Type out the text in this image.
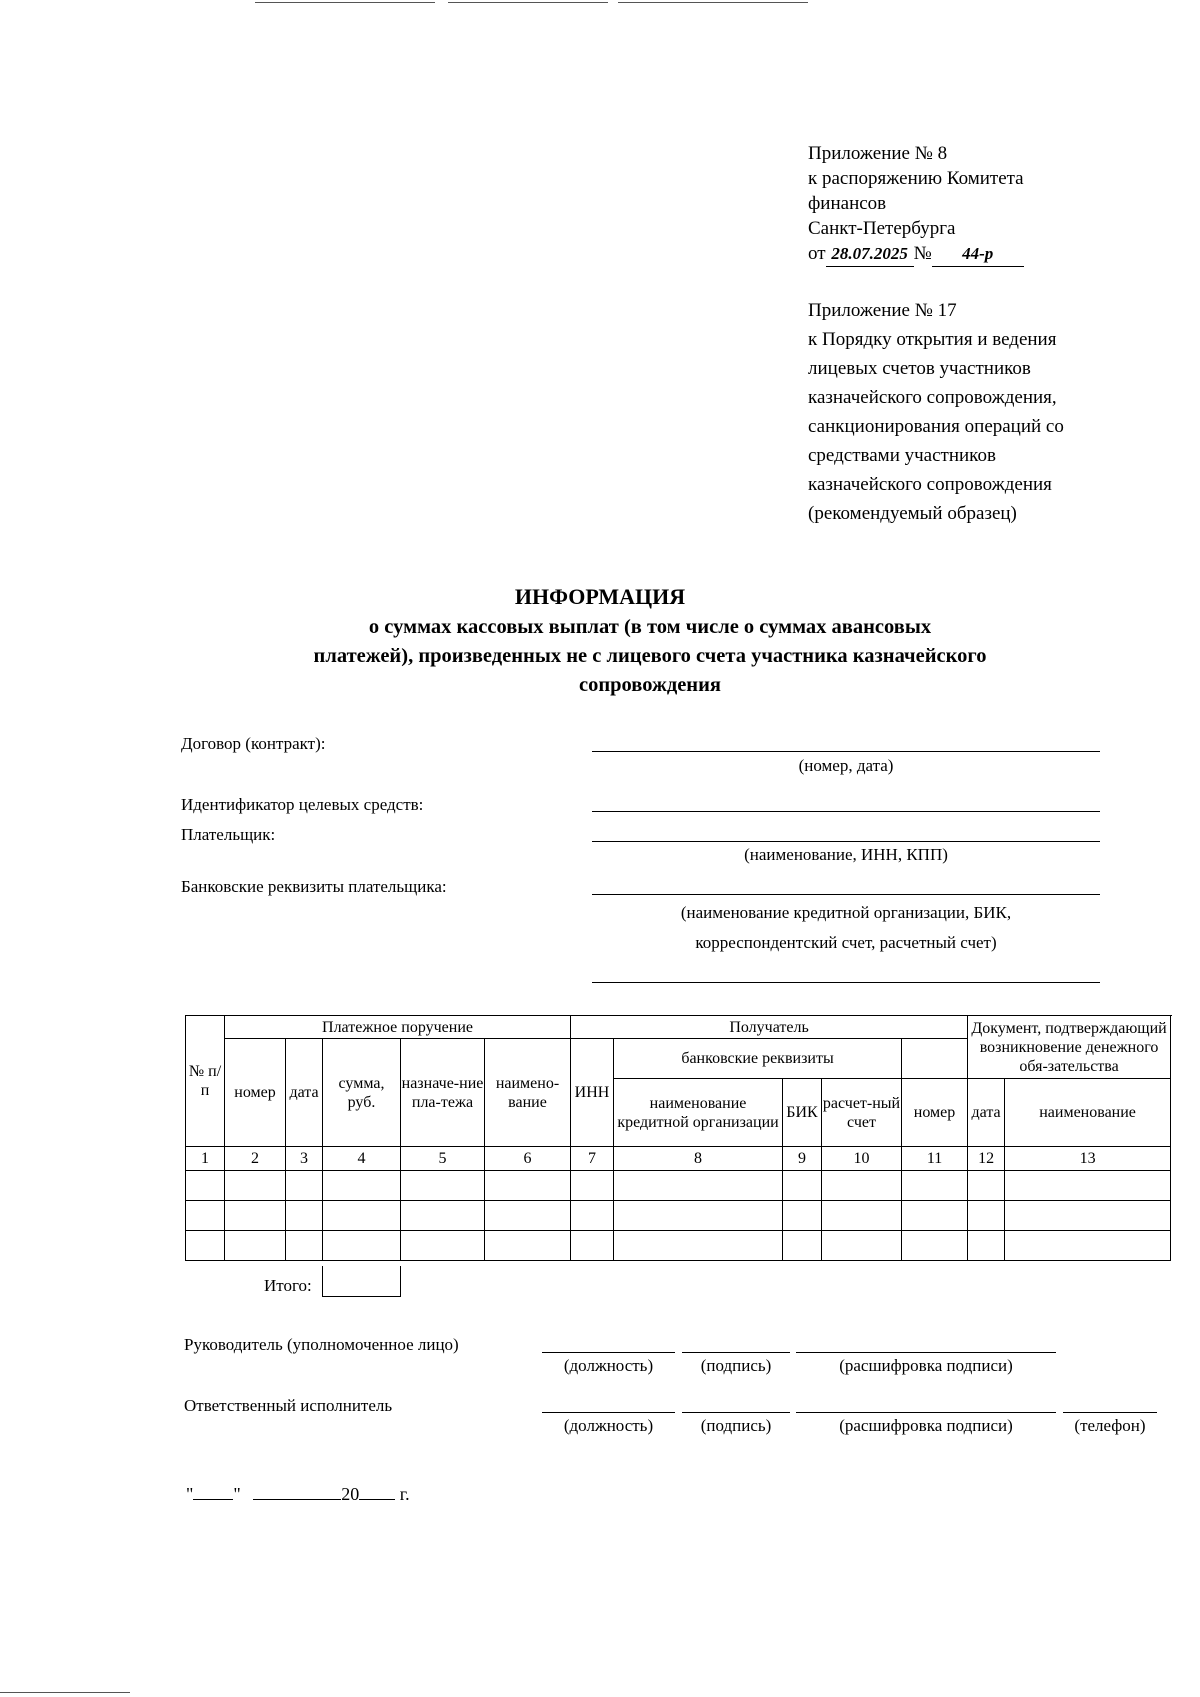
Приложение № 8
к распоряжению Комитета
финансов
Санкт-Петербурга
от 28.07.2025 № 44-р
Приложение № 17
к Порядку открытия и ведения
лицевых счетов участников
казначейского сопровождения,
санкционирования операций со
средствами участников
казначейского сопровождения
(рекомендуемый образец)
ИНФОРМАЦИЯ
о суммах кассовых выплат (в том числе о суммах авансовых
платежей), произведенных не с лицевого счета участника казначейского
сопровождения
Договор (контракт):
(номер, дата)
Идентификатор целевых средств:
Плательщик:
(наименование, ИНН, КПП)
Банковские реквизиты плательщика:
(наименование кредитной организации, БИК,
корреспондентский счет, расчетный счет)
№ п/п	Платежное поручение					Получатель					Документ, подтверждающий возникновение денежного обя-зательства	
	номер	дата	сумма, руб.	назначе-ние пла-тежа	наимено-вание	ИНН	банковские реквизиты					
							наименование кредитной организации	БИК	расчет-ный счет	номер	дата	наименование
1	2	3	4	5	6	7	8	9	10	11	12	13

Итого:
Руководитель (уполномоченное лицо)
(должность)	(подпись)	(расшифровка подписи)
Ответственный исполнитель
(должность)	(подпись)	(расшифровка подписи)	(телефон)
" "	20 г.
